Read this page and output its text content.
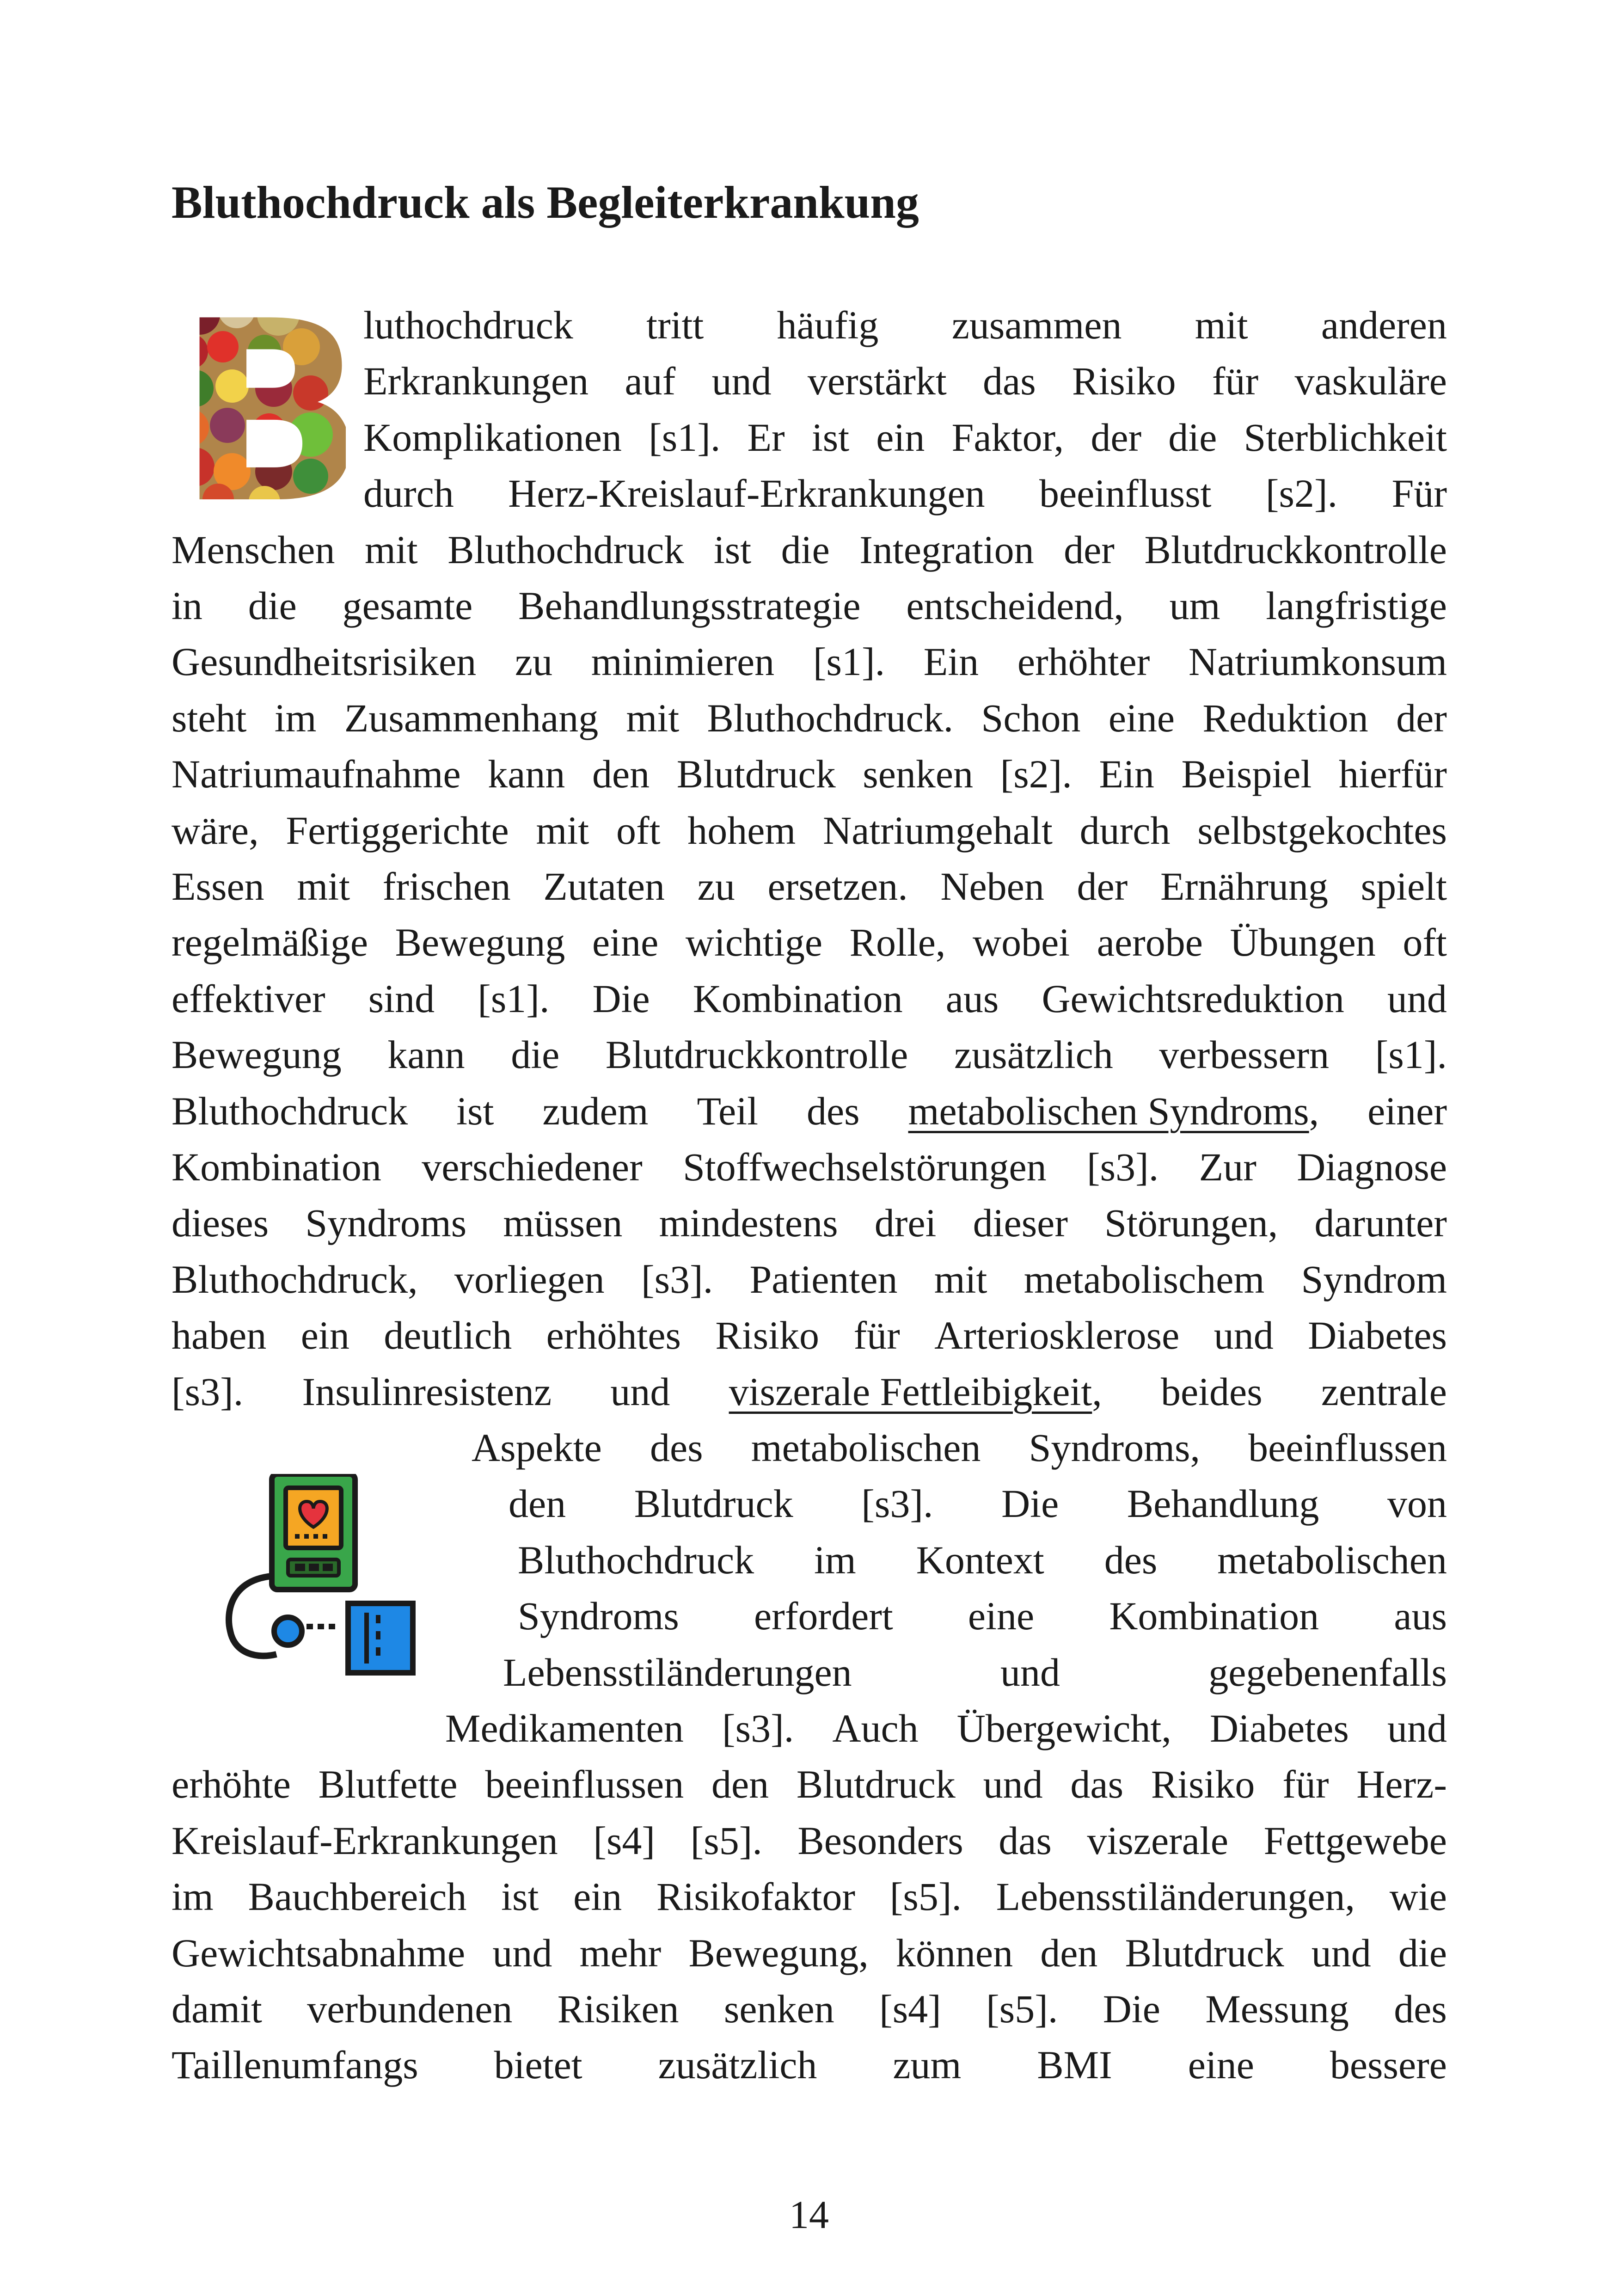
Bluthochdruck als Begleiterkrankung
luthochdruck tritt häufig zusammen mit anderen
Erkrankungen auf und verstärkt das Risiko für vaskuläre
Komplikationen [s1]. Er ist ein Faktor, der die Sterblichkeit
durch Herz-Kreislauf-Erkrankungen beeinflusst [s2]. Für
Menschen mit Bluthochdruck ist die Integration der Blutdruckkontrolle
in die gesamte Behandlungsstrategie entscheidend, um langfristige
Gesundheitsrisiken zu minimieren [s1]. Ein erhöhter Natriumkonsum
steht im Zusammenhang mit Bluthochdruck. Schon eine Reduktion der
Natriumaufnahme kann den Blutdruck senken [s2]. Ein Beispiel hierfür
wäre, Fertiggerichte mit oft hohem Natriumgehalt durch selbstgekochtes
Essen mit frischen Zutaten zu ersetzen. Neben der Ernährung spielt
regelmäßige Bewegung eine wichtige Rolle, wobei aerobe Übungen oft
effektiver sind [s1]. Die Kombination aus Gewichtsreduktion und
Bewegung kann die Blutdruckkontrolle zusätzlich verbessern [s1].
Bluthochdruck ist zudem Teil des metabolischen Syndroms, einer
Kombination verschiedener Stoffwechselstörungen [s3]. Zur Diagnose
dieses Syndroms müssen mindestens drei dieser Störungen, darunter
Bluthochdruck, vorliegen [s3]. Patienten mit metabolischem Syndrom
haben ein deutlich erhöhtes Risiko für Arteriosklerose und Diabetes
[s3]. Insulinresistenz und viszerale Fettleibigkeit, beides zentrale
Aspekte des metabolischen Syndroms, beeinflussen
den Blutdruck [s3]. Die Behandlung von
Bluthochdruck im Kontext des metabolischen
Syndroms erfordert eine Kombination aus
Lebensstiländerungen	und	gegebenenfalls
Medikamenten [s3]. Auch Übergewicht, Diabetes und
erhöhte Blutfette beeinflussen den Blutdruck und das Risiko für Herz-
Kreislauf-Erkrankungen [s4] [s5]. Besonders das viszerale Fettgewebe
im Bauchbereich ist ein Risikofaktor [s5]. Lebensstiländerungen, wie
Gewichtsabnahme und mehr Bewegung, können den Blutdruck und die
damit verbundenen Risiken senken [s4] [s5]. Die Messung des
Taillenumfangs bietet zusätzlich zum BMI eine bessere
14
